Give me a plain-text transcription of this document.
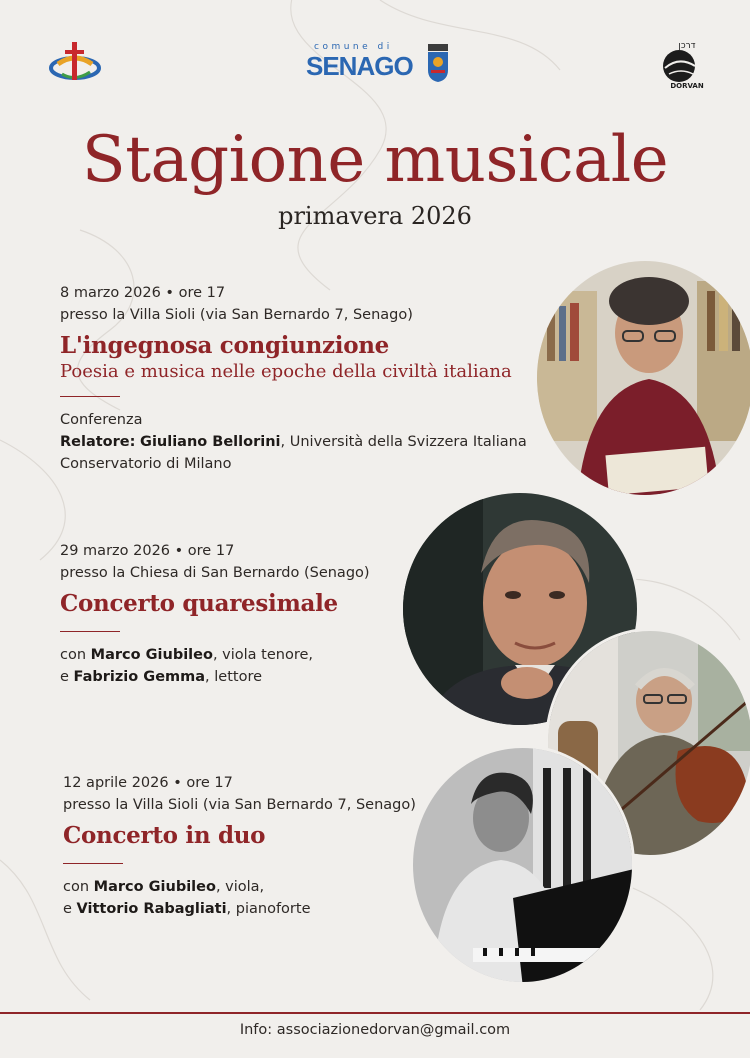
comune di
SENAGO
דרכן
DORVAN
Stagione musicale
primavera 2026
8 marzo 2026 • ore 17
presso la Villa Sioli (via San Bernardo 7, Senago)
L'ingegnosa congiunzione
Poesia e musica nelle epoche della civiltà italiana
Conferenza
Relatore: Giuliano Bellorini, Università della Svizzera Italiana
Conservatorio di Milano
29 marzo 2026 • ore 17
presso la Chiesa di San Bernardo (Senago)
Concerto quaresimale
con Marco Giubileo, viola tenore,
e Fabrizio Gemma, lettore
12 aprile 2026 • ore 17
presso la Villa Sioli (via San Bernardo 7, Senago)
Concerto in duo
con Marco Giubileo, viola,
e Vittorio Rabagliati, pianoforte
Info: associazionedorvan@gmail.com
